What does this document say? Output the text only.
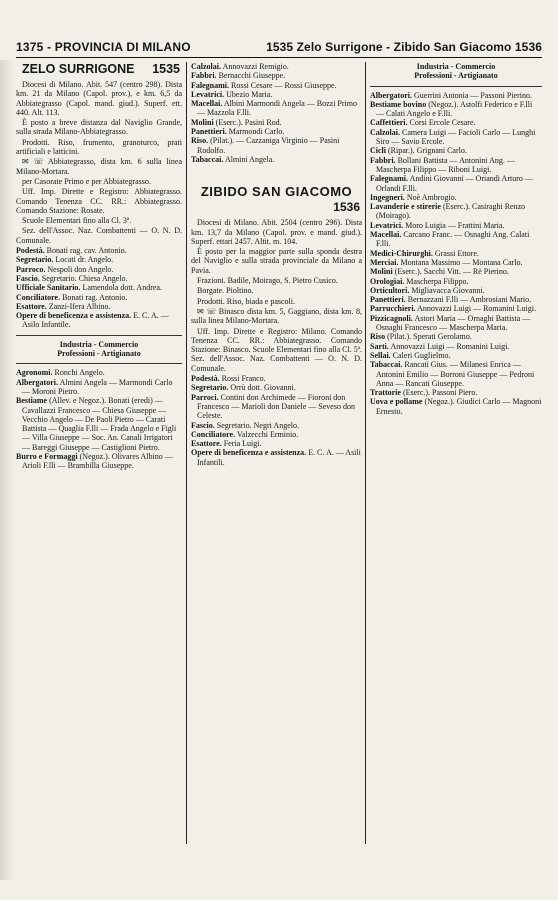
1375 - PROVINCIA DI MILANO	1535 Zelo Surrigone - Zibido San Giacomo 1536
ZELO SURRIGONE 1535

Diocesi di Milano. Abit. 547 (centro 298). Dista km. 21 da Milano (Capol. prov.), e km. 6,5 da Abbiategrasso (Capol. mand. giud.). Superf. ett. 440. Alt. 113.

È posto a breve distanza dal Naviglio Grande, sulla strada Milano-Abbiategrasso.

Prodotti. Riso, frumento, granoturco, prati artificiali e latticini.

✉ ☏ Abbiategrasso, dista km. 6 sulla linea Milano-Mortara.

per Casorate Primo e per Abbiategrasso.

Uff. Imp. Dirette e Registro: Abbiategrasso. Comando Tenenza CC. RR.: Abbiategrasso. Comando Stazione: Rosate.

Scuole Elementari fino alla Cl. 3ª.

Sez. dell'Assoc. Naz. Combattenti — O. N. D. Comunale.

Podestà. Bonati rag. cav. Antonio.

Segretario. Locati dr. Angelo.

Parroco. Nespoli don Angelo.

Fascio. Segretario. Chiesa Angelo.

Ufficiale Sanitario. Lamendola dott. Andrea.

Conciliatore. Bonati rag. Antonio.

Esattore. Zanzi-Ifera Albino.

Opere di beneficenza e assistenza. E. C. A. — Asilo Infantile.

Industria - Commercio

Professioni - Artigianato

Agronomi. Ronchi Angelo.

Albergatori. Almini Angela — Marmondi Carlo — Moroni Pietro.

Bestiame (Allev. e Negoz.). Bonati (eredi) — Cavallazzi Francesco — Chiesa Giuseppe — Vecchio Angelo — De Paoli Pietro — Carati Battista — Quaglia F.lli — Frada Angelo e Figli — Villa Giuseppe — Soc. An. Canali Irrigatori — Bareggi Giuseppe — Castiglioni Pietro.

Burro e Formaggi (Negoz.). Olivares Albino — Arioli F.lli — Brambilla Giuseppe.

Calzolai. Annovazzi Remigio.

Fabbri. Bernacchi Giuseppe.

Falegnami. Rossi Cesare — Rossi Giuseppe.

Levatrici. Ubezio Maria.

Macellai. Albini Marmondi Angela — Bozzi Primo — Mazzola F.lli.

Molini (Eserc.). Pasini Rod.

Panettieri. Marmondi Carlo.

Riso. (Pilat.). — Cazzaniga Virginio — Pasini Rodolfo.

Tabaccai. Almini Angela.

ZIBIDO SAN GIACOMO
1536

Diocesi di Milano. Abit. 2504 (centro 296). Dista km. 13,7 da Milano (Capol. prov. e mand. giud.). Superf. ettari 2457. Altit. m. 104.

È posto per la maggior parte sulla sponda destra del Naviglio e sulla strada provinciale da Milano a Pavia.

Frazioni. Badile, Moirago, S. Pietro Cusico.

Borgate. Pioltino.

Prodotti. Riso, biada e pascoli.

✉ ☏ Binasco dista km. 5, Gaggiano, dista km. 8, sulla linea Milano-Mortara.

Uff. Imp. Dirette e Registro: Milano. Comando Tenenza CC. RR.: Abbiategrasso. Comando Stazione: Binasco. Scuole Elementari fino alla Cl. 5ª. Sez. dell'Assoc. Naz. Combattenti — O. N. D. Comunale.

Podestà. Rossi Franco.

Segretario. Orrù dott. Giovanni.

Parroci. Contini don Archimede — Fioroni don Francesco — Marioli don Daniele — Seveso don Celeste.

Fascio. Segretario. Negri Angelo.

Conciliatore. Valzecchi Erminio.

Esattore. Feria Luigi.

Opere di beneficenza e assistenza. E. C. A. — Asili Infantili.

Industria - Commercio

Professioni - Artigianato

Albergatori. Guerrini Antonia — Passoni Pierino.

Bestiame bovino (Negoz.). Astolfi Federico e F.lli — Calati Angelo e F.lli.

Caffettieri. Corsi Ercole Cesare.

Calzolai. Camera Luigi — Facioli Carlo — Lunghi Siro — Savio Ercole.

Cicli (Ripar.). Grignani Carlo.

Fabbri. Bollani Battista — Antonini Ang. — Mascherpa Filippo — Riboni Luigi.

Falegnami. Andini Giovanni — Oriandi Arturo — Orlandi F.lli.

Ingegneri. Noè Ambrogio.

Lavanderie e stirerie (Eserc.). Casiraghi Renzo (Moirago).

Levatrici. Moro Luigia — Frattini Maria.

Macellai. Carcano Franc. — Osnaghi Ang. Calati F.lli.

Medici-Chirurghi. Grassi Ettore.

Merciai. Montana Massimo — Montana Carlo.

Molini (Eserc.). Sacchi Vitt. — Rè Pierino.

Orologiai. Mascherpa Filippo.

Orticultori. Migliavacca Giovanni.

Panettieri. Bernazzani F.lli — Ambrosiani Mario.

Parrucchieri. Annovazzi Luigi — Romanini Luigi.

Pizzicagnoli. Astori Maria — Ornaghi Battista — Osnaghi Francesco — Mascherpa Maria.

Riso (Pilat.). Sperati Gerolamo.

Sarti. Annovazzi Luigi — Romanini Luigi.

Sellai. Caleri Guglielmo.

Tabaccai. Rancati Gius. — Milanesi Enrica — Antonini Emilio — Borroni Giuseppe — Pedroni Anna — Rancati Giuseppe.

Trattorie (Eserc.). Passoni Piero.

Uova e pollame (Negoz.). Giudici Carlo — Magnoni Ernesto.
